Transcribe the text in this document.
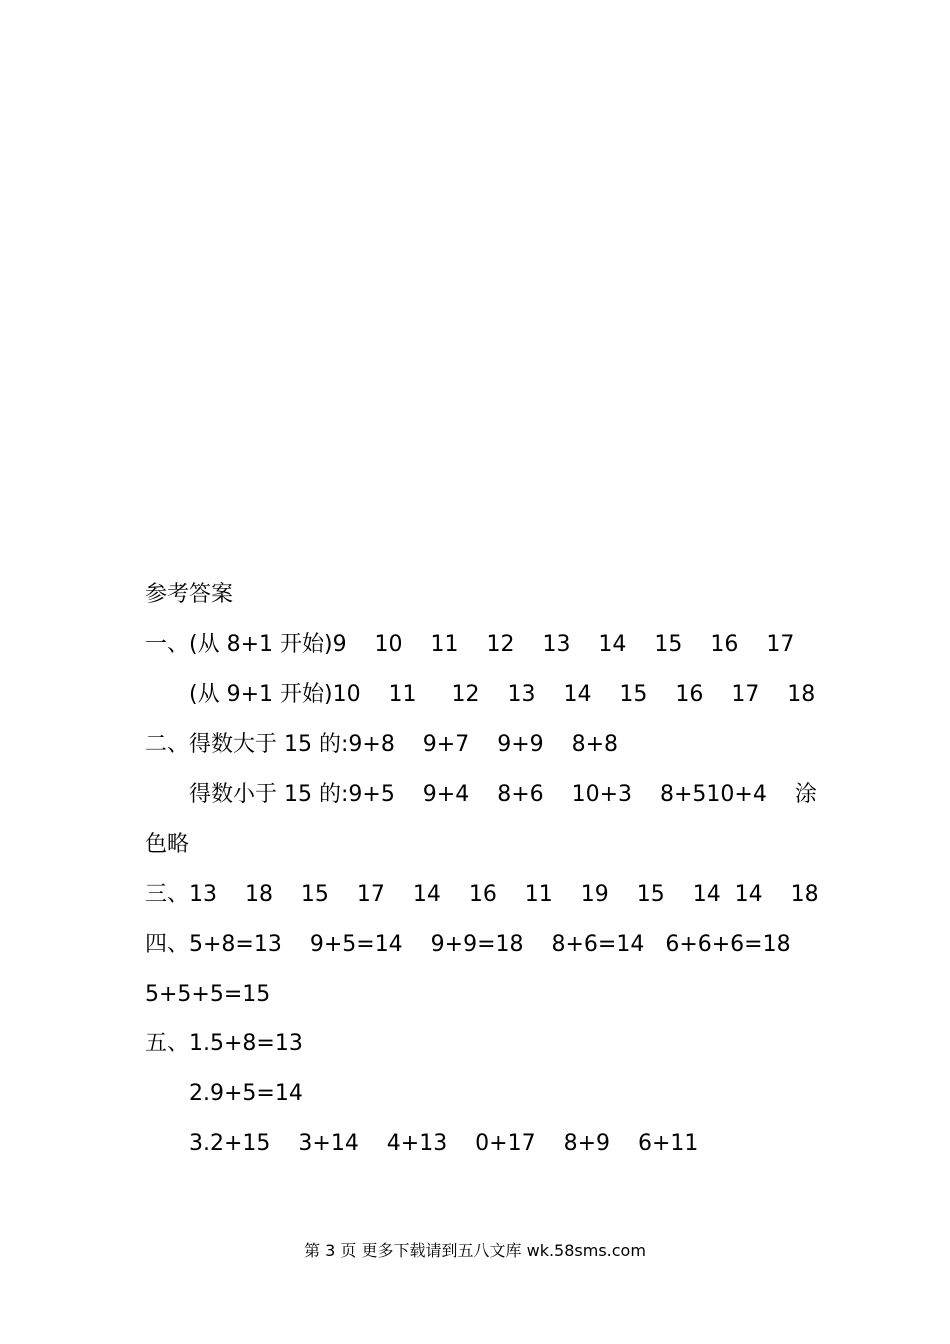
参考答案
一、(从 8+1 开始)9    10    11    12    13    14    15    16    17
(从 9+1 开始)10    11     12    13    14    15    16    17    18
二、得数大于 15 的:9+8    9+7    9+9    8+8
得数小于 15 的:9+5    9+4    8+6    10+3    8+510+4    涂
色略
三、13    18    15    17    14    16    11    19    15    14  14    18
四、5+8=13    9+5=14    9+9=18    8+6=14   6+6+6=18
5+5+5=15
五、1.5+8=13
2.9+5=14
3.2+15    3+14    4+13    0+17    8+9    6+11
第 3 页 更多下载请到五八文库 wk.58sms.com
